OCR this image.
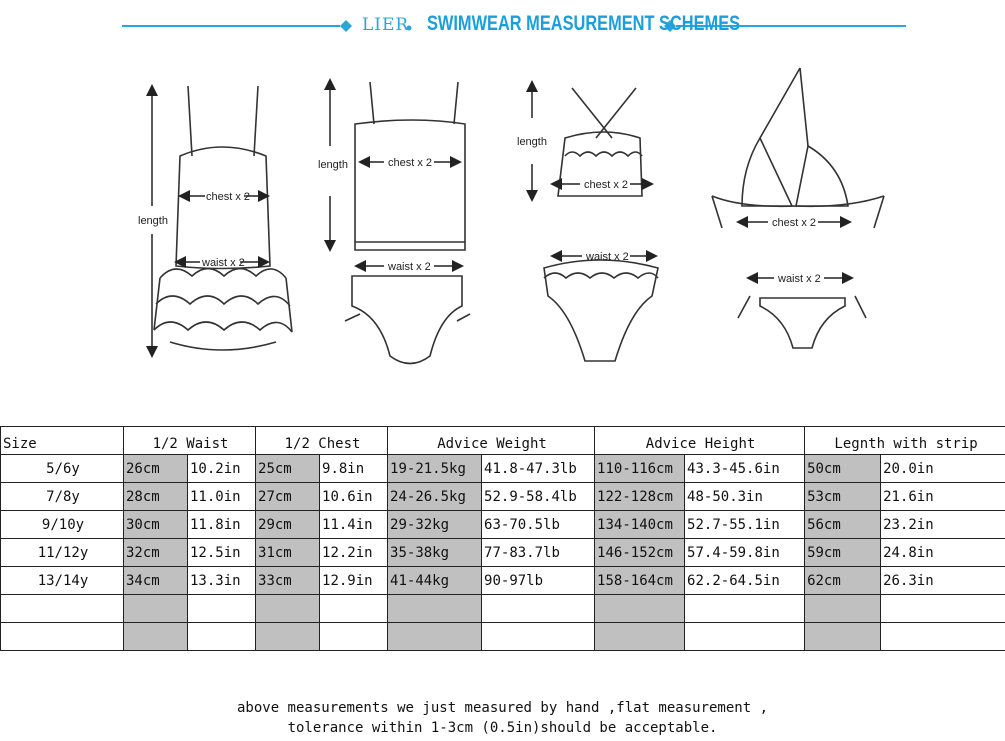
LIER SWIMWEAR MEASUREMENT SCHEMES
length
chest x 2
waist x 2
length	chest x 2
waist x 2
length
chest x 2
waist x 2
chest x 2
waist x 2
Size	1/2 Waist		1/2 Chest		Advice Weight		Advice Height		Legnth with strip	
5/6y	26cm	10.2in	25cm	9.8in	19-21.5kg	41.8-47.3lb	110-116cm	43.3-45.6in	50cm	20.0in
7/8y	28cm	11.0in	27cm	10.6in	24-26.5kg	52.9-58.4lb	122-128cm	48-50.3in	53cm	21.6in
9/10y	30cm	11.8in	29cm	11.4in	29-32kg	63-70.5lb	134-140cm	52.7-55.1in	56cm	23.2in
11/12y	32cm	12.5in	31cm	12.2in	35-38kg	77-83.7lb	146-152cm	57.4-59.8in	59cm	24.8in
13/14y	34cm	13.3in	33cm	12.9in	41-44kg	90-97lb	158-164cm	62.2-64.5in	62cm	26.3in

above measurements we just measured by hand ,flat measurement ,
tolerance within 1-3cm (0.5in)should be acceptable.
